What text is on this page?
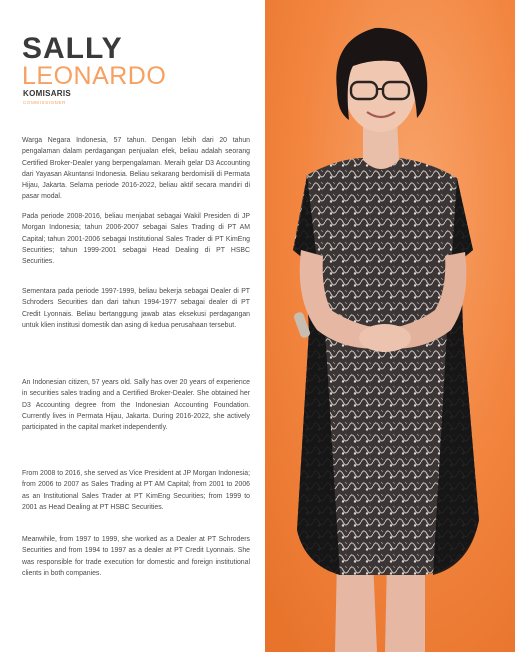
SALLY
LEONARDO
KOMISARIS
COMMISSIONER

Warga Negara Indonesia, 57 tahun. Dengan lebih dari 20 tahun pengalaman dalam perdagangan penjualan efek, beliau adalah seorang Certified Broker-Dealer yang berpengalaman. Meraih gelar D3 Accounting dari Yayasan Akuntansi Indonesia. Beliau sekarang berdomisili di Permata Hijau, Jakarta. Selama periode 2016-2022, beliau aktif secara mandiri di pasar modal.

Pada periode 2008-2016, beliau menjabat sebagai Wakil Presiden di JP Morgan Indonesia; tahun 2006-2007 sebagai Sales Trading di PT AM Capital; tahun 2001-2006 sebagai Institutional Sales Trader di PT KimEng Securities; tahun 1999-2001 sebagai Head Dealing di PT HSBC Securities.

Sementara pada periode 1997-1999, beliau bekerja sebagai Dealer di PT Schroders Securities dan dari tahun 1994-1977 sebagai dealer di PT Credit Lyonnais. Beliau bertanggung jawab atas eksekusi perdagangan untuk klien institusi domestik dan asing di kedua perusahaan tersebut.

An Indonesian citizen, 57 years old. Sally has over 20 years of experience in securities sales trading and a Certified Broker-Dealer. She obtained her D3 Accounting degree from the Indonesian Accounting Foundation. Currently lives in Permata Hijau, Jakarta. During 2016-2022, she actively participated in the capital market independently.

From 2008 to 2016, she served as Vice President at JP Morgan Indonesia; from 2006 to 2007 as Sales Trading at PT AM Capital; from 2001 to 2006 as an Institutional Sales Trader at PT KimEng Securities; from 1999 to 2001 as Head Dealing at PT HSBC Securities.

Meanwhile, from 1997 to 1999, she worked as a Dealer at PT Schroders Securities and from 1994 to 1997 as a dealer at PT Credit Lyonnais. She was responsible for trade execution for domestic and foreign institutional clients in both companies.
